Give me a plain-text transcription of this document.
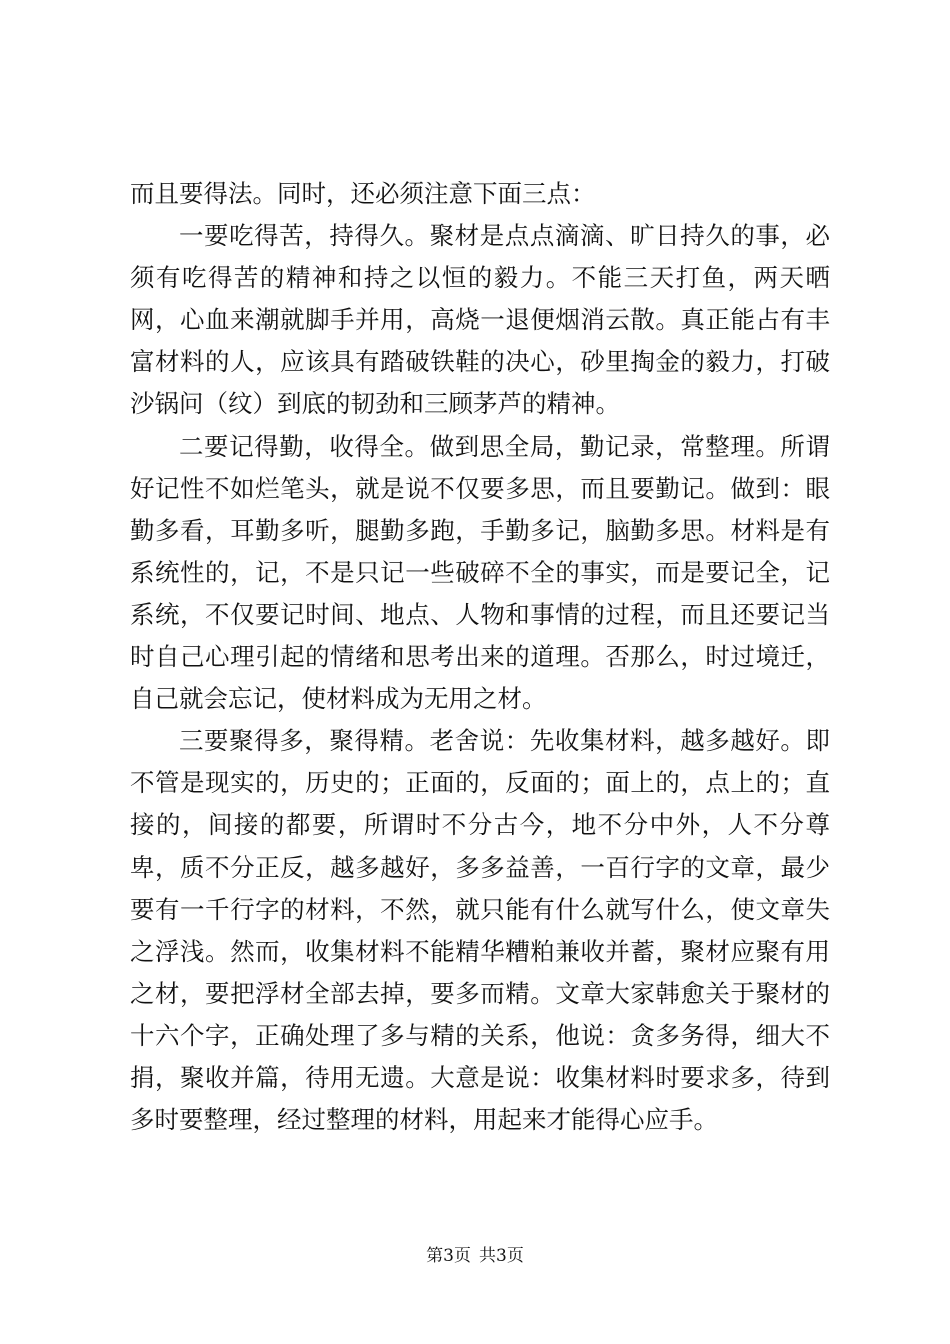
而且要得法。同时，还必须注意下面三点：

一要吃得苦，持得久。聚材是点点滴滴、旷日持久的事，必须有吃得苦的精神和持之以恒的毅力。不能三天打鱼，两天晒网，心血来潮就脚手并用，高烧一退便烟消云散。真正能占有丰富材料的人，应该具有踏破铁鞋的决心，砂里掏金的毅力，打破沙锅问（纹）到底的韧劲和三顾茅芦的精神。

二要记得勤，收得全。做到思全局，勤记录，常整理。所谓好记性不如烂笔头，就是说不仅要多思，而且要勤记。做到：眼勤多看，耳勤多听，腿勤多跑，手勤多记，脑勤多思。材料是有系统性的，记，不是只记一些破碎不全的事实，而是要记全，记系统，不仅要记时间、地点、人物和事情的过程，而且还要记当时自己心理引起的情绪和思考出来的道理。否那么，时过境迁，自己就会忘记，使材料成为无用之材。

三要聚得多，聚得精。老舍说：先收集材料，越多越好。即不管是现实的，历史的；正面的，反面的；面上的，点上的；直接的，间接的都要，所谓时不分古今，地不分中外，人不分尊卑，质不分正反，越多越好，多多益善，一百行字的文章，最少要有一千行字的材料，不然，就只能有什么就写什么，使文章失之浮浅。然而，收集材料不能精华糟粕兼收并蓄，聚材应聚有用之材，要把浮材全部去掉，要多而精。文章大家韩愈关于聚材的十六个字，正确处理了多与精的关系，他说：贪多务得，细大不捐，聚收并篇，待用无遗。大意是说：收集材料时要求多，待到多时要整理，经过整理的材料，用起来才能得心应手。

第3页 共3页
